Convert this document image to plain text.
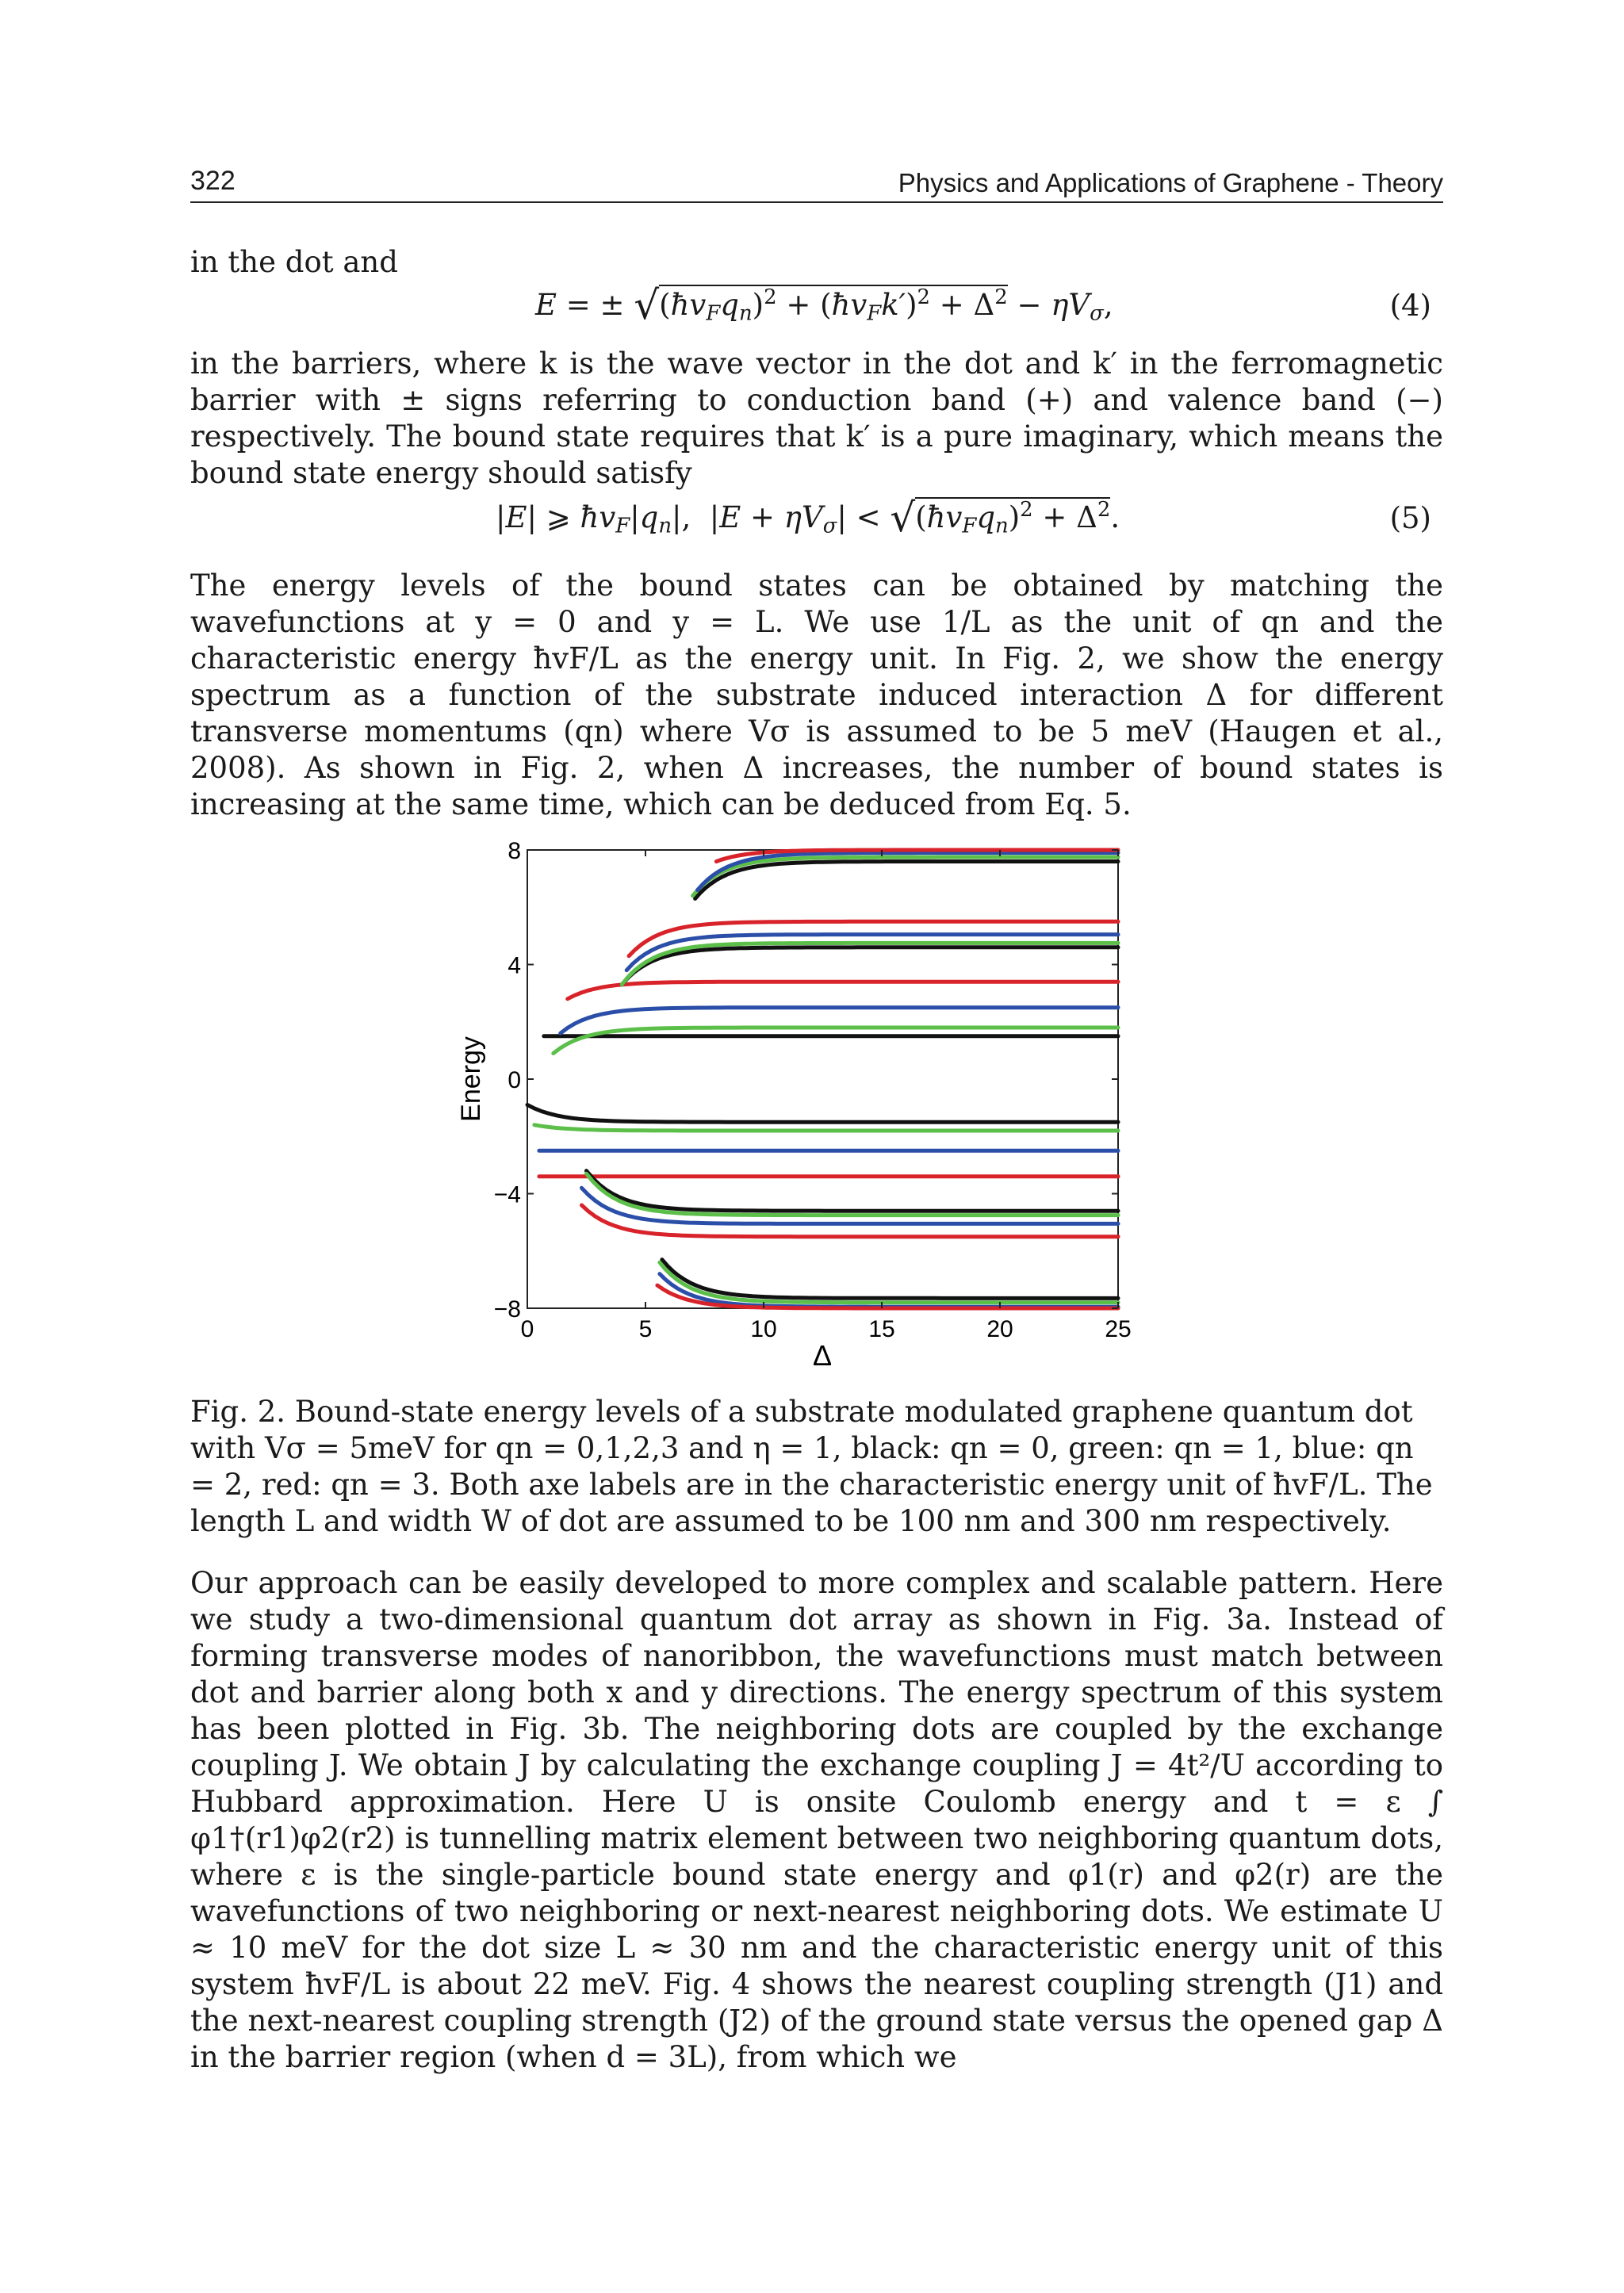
322	Physics and Applications of Graphene - Theory
in the dot and
E = ± $√(ħv_Fq_n)^2$ + $(ħv_Fk')^2 + \Delta^2 - \eta V_\sigma$,	(4)
in the barriers, where k is the wave vector in the dot and k′ in the ferromagnetic barrier with ± signs referring to conduction band (+) and valence band (−) respectively. The bound state requires that k′ is a pure imaginary, which means the bound state energy should satisfy
|E| ⩾ $ħv_F|q_n|$,  $|E + \eta V_\sigma|$ < $√(ħv_Fq_n)^2 + \Delta^2$.	(5)
The energy levels of the bound states can be obtained by matching the wavefunctions at y = 0 and y = L. We use 1/L as the unit of qn and the characteristic energy ħvF/L as the energy unit. In Fig. 2, we show the energy spectrum as a function of the substrate induced interaction Δ for different transverse momentums (qn) where Vσ is assumed to be 5 meV (Haugen et al., 2008). As shown in Fig. 2, when Δ increases, the number of bound states is increasing at the same time, which can be deduced from Eq. 5.
0	5	10	15	20	25
−8
−4
0
4
8
Δ
Energy
Fig. 2. Bound-state energy levels of a substrate modulated graphene quantum dot with Vσ = 5meV for qn = 0,1,2,3 and η = 1, black: qn = 0, green: qn = 1, blue: qn = 2, red: qn = 3. Both axe labels are in the characteristic energy unit of ħvF/L. The length L and width W of dot are assumed to be 100 nm and 300 nm respectively.
Our approach can be easily developed to more complex and scalable pattern. Here we study a two-dimensional quantum dot array as shown in Fig. 3a. Instead of forming transverse modes of nanoribbon, the wavefunctions must match between dot and barrier along both x and y directions. The energy spectrum of this system has been plotted in Fig. 3b. The neighboring dots are coupled by the exchange coupling J. We obtain J by calculating the exchange coupling J = 4t²/U according to Hubbard approximation. Here U is onsite Coulomb energy and t = ε ∫ φ1†(r1)φ2(r2) is tunnelling matrix element between two neighboring quantum dots, where ε is the single-particle bound state energy and φ1(r) and φ2(r) are the wavefunctions of two neighboring or next-nearest neighboring dots. We estimate U ≈ 10 meV for the dot size L ≈ 30 nm and the characteristic energy unit of this system ħvF/L is about 22 meV. Fig. 4 shows the nearest coupling strength (J1) and the next-nearest coupling strength (J2) of the ground state versus the opened gap Δ in the barrier region (when d = 3L), from which we
